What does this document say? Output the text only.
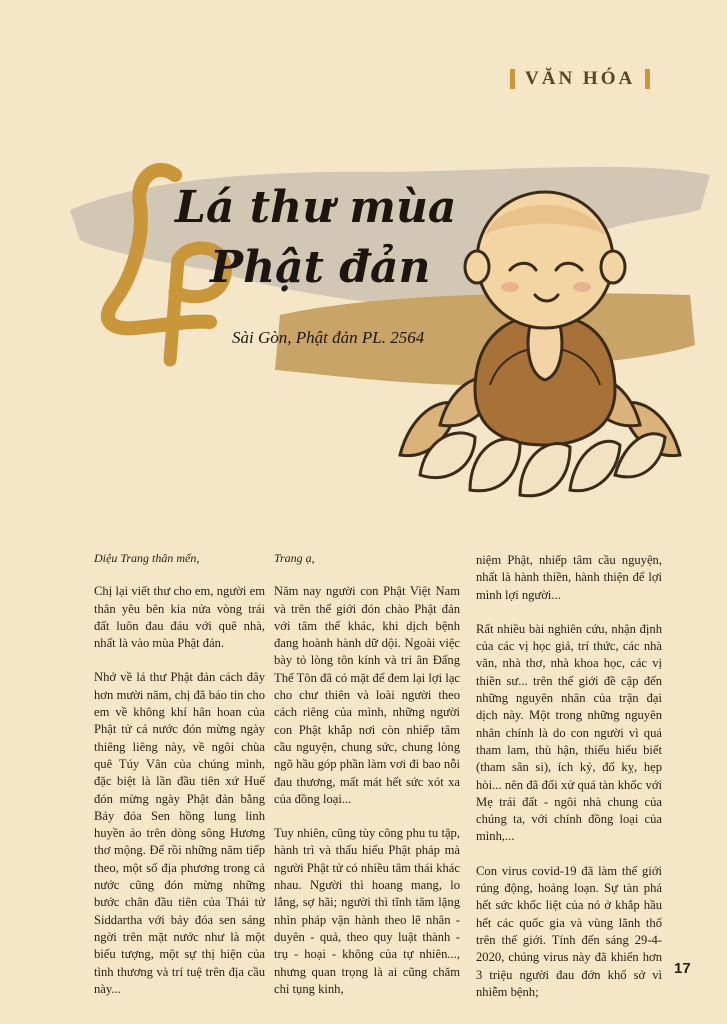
VĂN HÓA
Lá thư mùa
Phật đản
Sài Gòn, Phật đản PL. 2564

Diệu Trang thân mến,

Chị lại viết thư cho em, người em thân yêu bên kia nửa vòng trái đất luôn đau đáu với quê nhà, nhất là vào mùa Phật đản.

Nhớ về lá thư Phật đản cách đây hơn mười năm, chị đã báo tin cho em về không khí hân hoan của Phật tử cả nước đón mừng ngày thiêng liêng này, về ngôi chùa quê Túy Vân của chúng mình, đặc biệt là lần đầu tiên xứ Huế đón mừng ngày Phật đản bằng Bảy đóa Sen hồng lung linh huyền ảo trên dòng sông Hương thơ mộng. Để rồi những năm tiếp theo, một số địa phương trong cả nước cũng đón mừng những bước chân đầu tiên của Thái tử Siddartha với bảy đóa sen sáng ngời trên mặt nước như là một biểu tượng, một sự thị hiện của tình thương và trí tuệ trên địa cầu này...

Trang ạ,

Năm nay người con Phật Việt Nam và trên thế giới đón chào Phật đản với tâm thế khác, khi dịch bệnh đang hoành hành dữ dội. Ngoài việc bày tỏ lòng tôn kính và tri ân Đấng Thế Tôn đã có mặt để đem lại lợi lạc cho chư thiên và loài người theo cách riêng của mình, những người con Phật khắp nơi còn nhiếp tâm cầu nguyện, chung sức, chung lòng ngõ hầu góp phần làm vơi đi bao nỗi đau thương, mất mát hết sức xót xa của đồng loại...

Tuy nhiên, cũng tùy công phu tu tập, hành trì và thấu hiểu Phật pháp mà người Phật tử có nhiều tâm thái khác nhau. Người thì hoang mang, lo lắng, sợ hãi; người thì tĩnh tâm lặng nhìn pháp vận hành theo lẽ nhân - duyên - quả, theo quy luật thành - trụ - hoại - không của tự nhiên..., nhưng quan trọng là ai cũng chăm chỉ tụng kinh,

niệm Phật, nhiếp tâm cầu nguyện, nhất là hành thiền, hành thiện để lợi mình lợi người...

Rất nhiều bài nghiên cứu, nhận định của các vị học giả, trí thức, các nhà văn, nhà thơ, nhà khoa học, các vị thiền sư... trên thế giới đề cập đến những nguyên nhân của trận đại dịch này. Một trong những nguyên nhân chính là do con người vì quá tham lam, thù hận, thiếu hiểu biết (tham sân si), ích kỷ, đố kỵ, hẹp hòi... nên đã đối xử quá tàn khốc với Mẹ trái đất - ngôi nhà chung của chúng ta, với chính đồng loại của mình,...

Con virus covid-19 đã làm thế giới rúng động, hoảng loạn. Sự tàn phá hết sức khốc liệt của nó ở khắp hầu hết các quốc gia và vùng lãnh thổ trên thế giới. Tính đến sáng 29-4-2020, chúng virus này đã khiến hơn 3 triệu người đau đớn khổ sở vì nhiễm bệnh;

17
